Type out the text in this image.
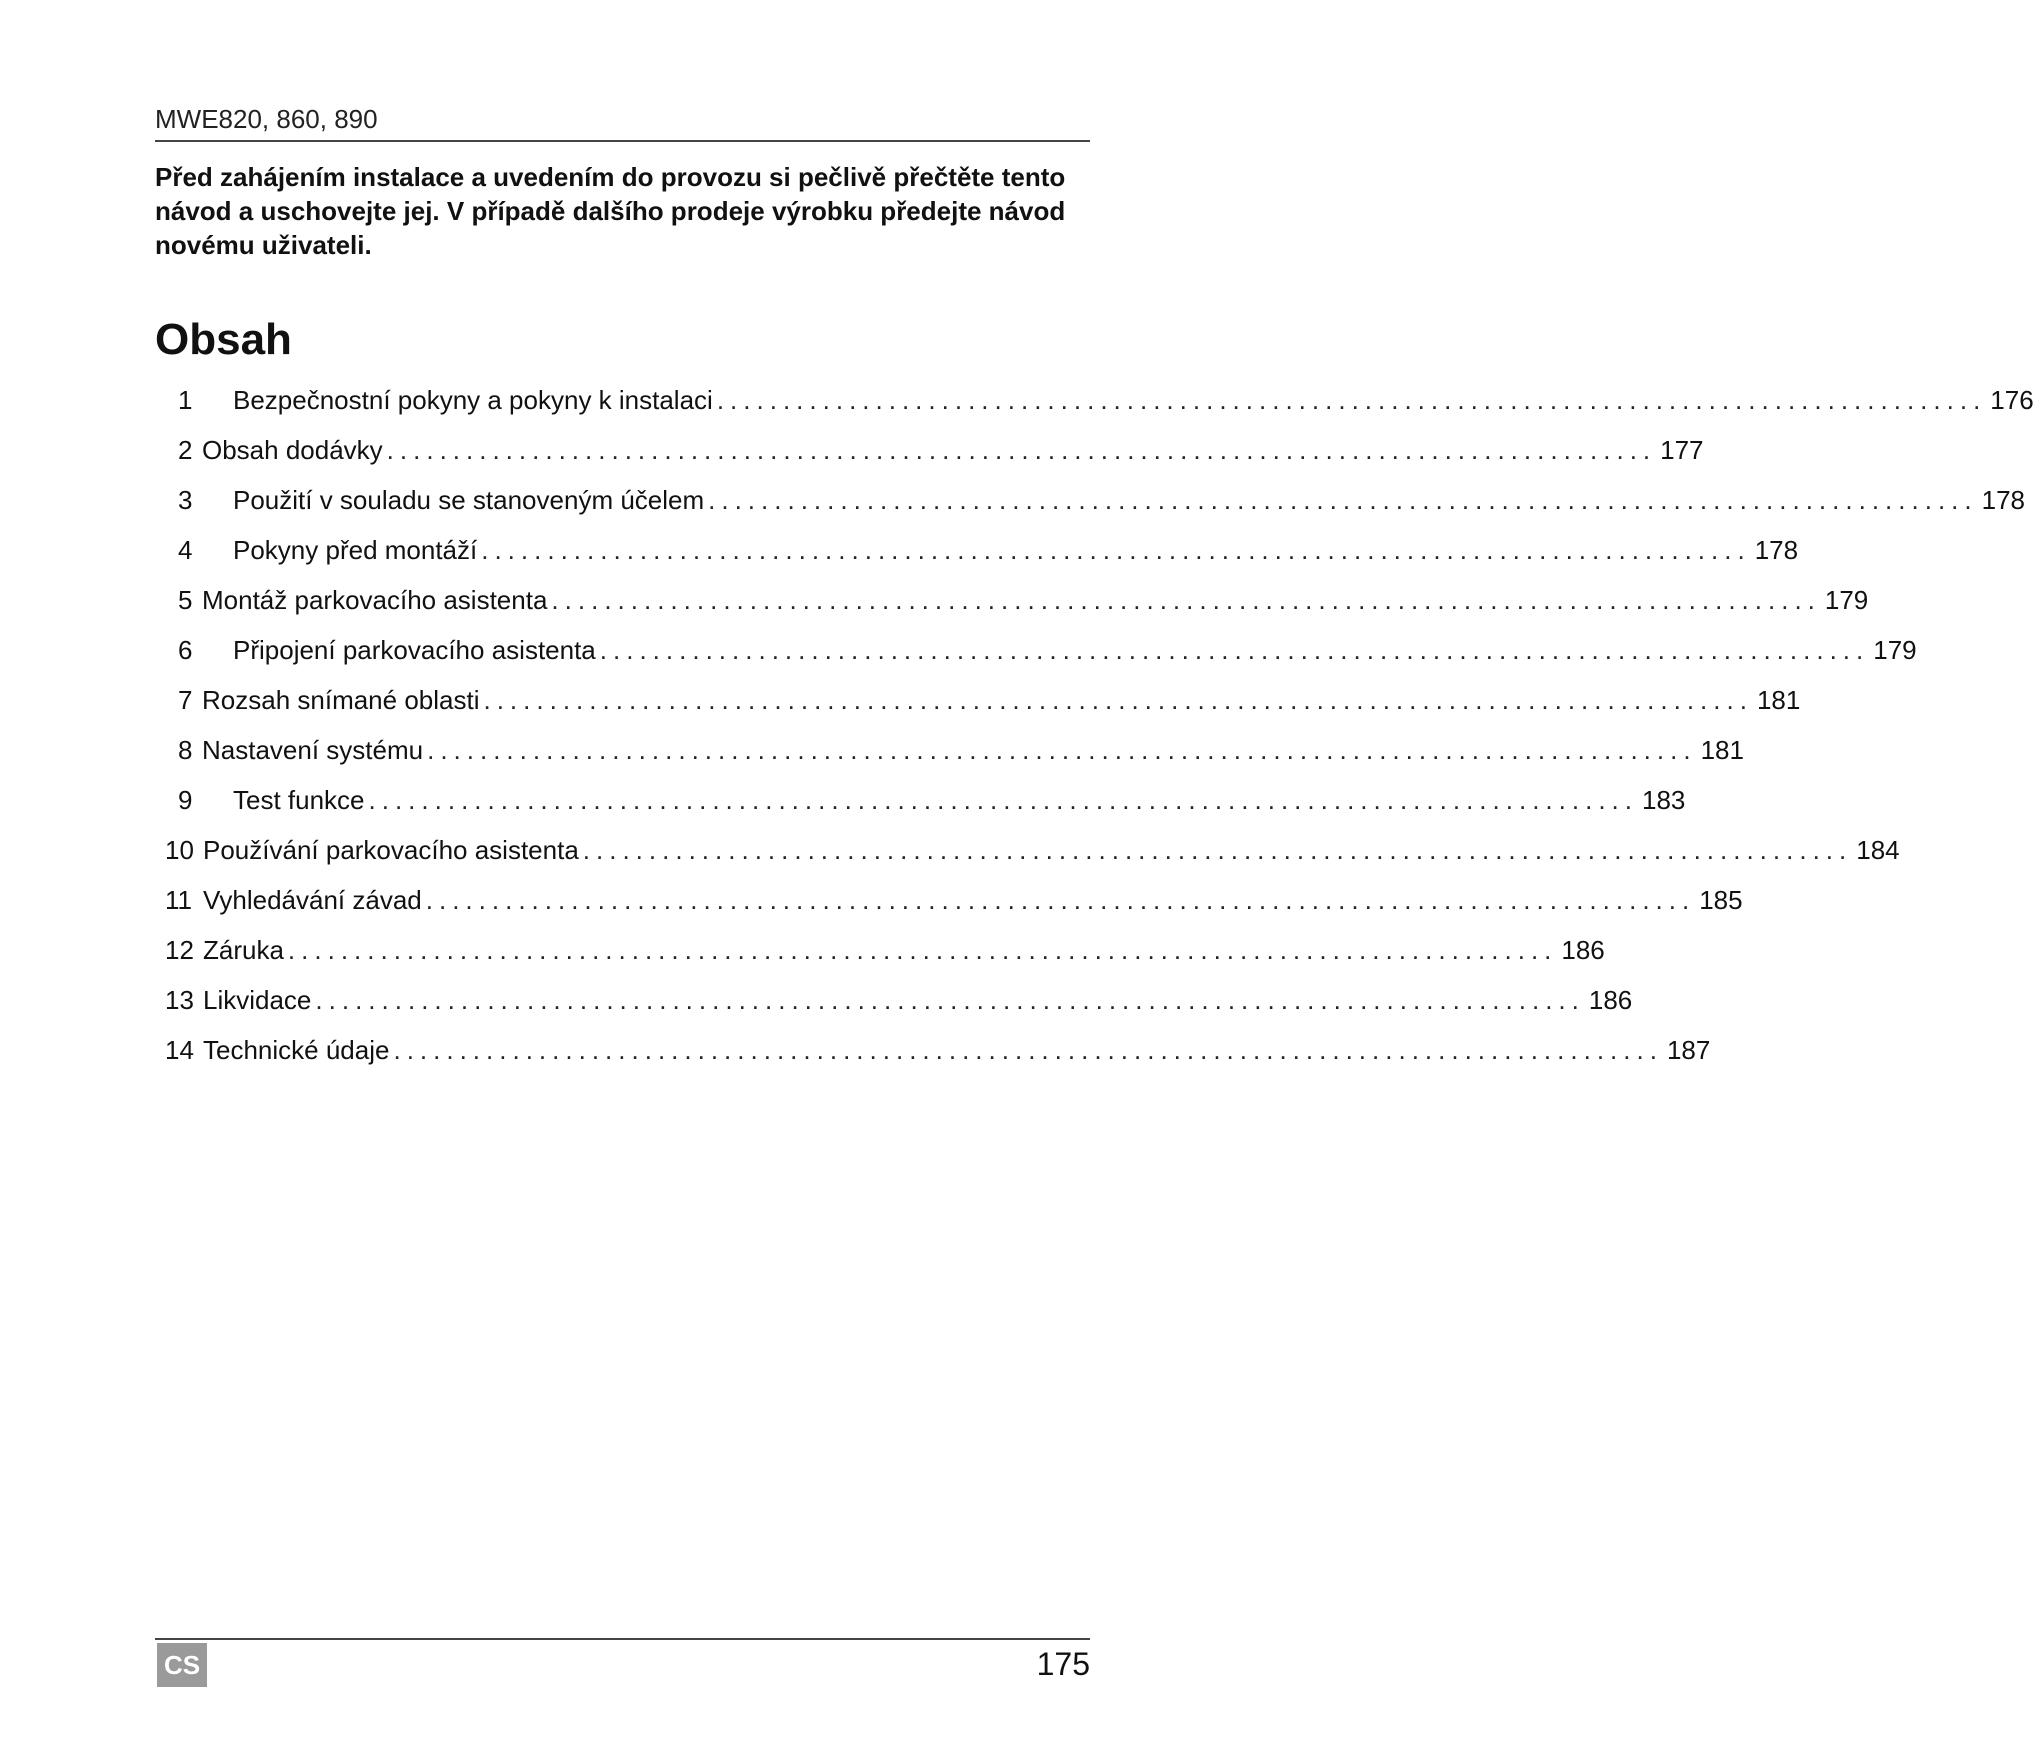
MWE820, 860, 890

Před zahájením instalace a uvedením do provozu si pečlivě přečtěte tento návod a uschovejte jej. V případě dalšího prodeje výrobku předejte návod novému uživateli.

Obsah
1 Bezpečnostní pokyny a pokyny k instalaci ................................................................................................ 176
2 Obsah dodávky ................................................................................................ 177
3 Použití v souladu se stanoveným účelem ................................................................................................ 178
4 Pokyny před montáží ................................................................................................ 178
5 Montáž parkovacího asistenta ................................................................................................ 179
6 Připojení parkovacího asistenta ................................................................................................ 179
7 Rozsah snímané oblasti ................................................................................................ 181
8 Nastavení systému ................................................................................................ 181
9 Test funkce ................................................................................................ 183
10 Používání parkovacího asistenta ................................................................................................ 184
11 Vyhledávání závad ................................................................................................ 185
12 Záruka ................................................................................................ 186
13 Likvidace ................................................................................................ 186
14 Technické údaje ................................................................................................ 187
CS	175
